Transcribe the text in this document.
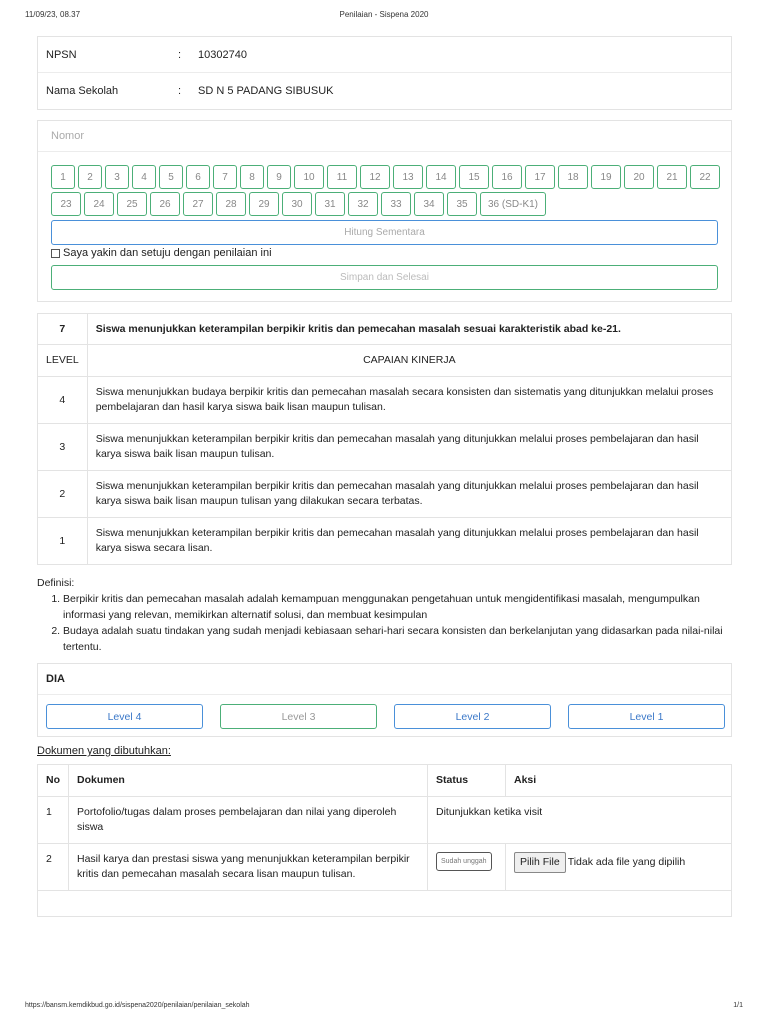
11/09/23, 08.37	Penilaian - Sispena 2020
NPSN	:	10302740
Nama Sekolah	:	SD N 5 PADANG SIBUSUK
Nomor
1	2	3	4	5	6	7	8	9	10	11	12	13	14	15	16	17	18	19	20	21	22
23	24	25	26	27	28	29	30	31	32	33	34	35	36 (SD-K1)
Hitung Sementara
Saya yakin dan setuju dengan penilaian ini
Simpan dan Selesai
7	Siswa menunjukkan keterampilan berpikir kritis dan pemecahan masalah sesuai karakteristik abad ke-21.
LEVEL	CAPAIAN KINERJA
4	Siswa menunjukkan budaya berpikir kritis dan pemecahan masalah secara konsisten dan sistematis yang ditunjukkan melalui proses pembelajaran dan hasil karya siswa baik lisan maupun tulisan.
3	Siswa menunjukkan keterampilan berpikir kritis dan pemecahan masalah yang ditunjukkan melalui proses pembelajaran dan hasil karya siswa baik lisan maupun tulisan.
2	Siswa menunjukkan keterampilan berpikir kritis dan pemecahan masalah yang ditunjukkan melalui proses pembelajaran dan hasil karya siswa baik lisan maupun tulisan yang dilakukan secara terbatas.
1	Siswa menunjukkan keterampilan berpikir kritis dan pemecahan masalah yang ditunjukkan melalui proses pembelajaran dan hasil karya siswa secara lisan.
Definisi:
1. Berpikir kritis dan pemecahan masalah adalah kemampuan menggunakan pengetahuan untuk mengidentifikasi masalah, mengumpulkan informasi yang relevan, memikirkan alternatif solusi, dan membuat kesimpulan
2. Budaya adalah suatu tindakan yang sudah menjadi kebiasaan sehari-hari secara konsisten dan berkelanjutan yang didasarkan pada nilai-nilai tertentu.
DIA
Level 4	Level 3	Level 2	Level 1
Dokumen yang dibutuhkan:
No	Dokumen	Status	Aksi
1	Portofolio/tugas dalam proses pembelajaran dan nilai yang diperoleh siswa	Ditunjukkan ketika visit	
2	Hasil karya dan prestasi siswa yang menunjukkan keterampilan berpikir kritis dan pemecahan masalah secara lisan maupun tulisan.	Sudah unggah	Pilih File Tidak ada file yang dipilih

https://bansm.kemdikbud.go.id/sispena2020/penilaian/penilaian_sekolah	1/1
